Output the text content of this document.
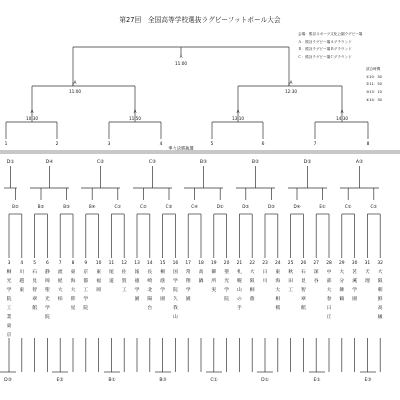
第27回　全国高等学校選抜ラグビーフットボール大会
会場：熊谷スポーツ文化公園ラグビー場
Ａ：熊谷ラグビー場Ａグラウンド
Ｂ：熊谷ラグビー場Ｂグラウンド
Ｃ：熊谷ラグビー場Ｃグラウンド
試合時間
①10：30
②11：50
③13：10
④14：30
A
11:00
A
11:00
A
12:30
A
10:30
A
11:50
A
13:10
A
14:30
1	2	3	4	5	6	7	8
準々決勝抽選
D①	D④	C②	C③	B③	B②	D②	A③
B②	B②	B③	B④	C①	C②	C③	C④	D①	D②	D③	D④	E①	C①	C②
3
桐
光
学
院
工
業
東
京
4
川
越
東
5
石
見
智
翠
館
6
静
岡
聖
光
学
院
7
流
経
大
柏
8
東
海
大
仰
星
9
京
都
工
学
院
10
東
福
岡
11
尾
道
12
佐
賀
工
13
報
徳
学
園
14
長
崎
北
陽
台
15
桐
蔭
学
園
16
国
学
院
久
我
山
17
常
翔
学
園
18
高
鍋
19
御
所
実
20
聖
光
学
院
21
札
幌
山
の
手
22
大
阪
桐
蔭
23
日
川
24
東
海
大
相
模
25
秋
田
工
26
石
見
智
翠
館
27
深
谷
28
中
部
大
春
日
丘
29
大
分
舞
鶴
30
茗
溪
学
園
31
天
理
32
大
阪
朝
鮮
高
級
D③	E②	B①	B③	C①	D①	E①	E③
